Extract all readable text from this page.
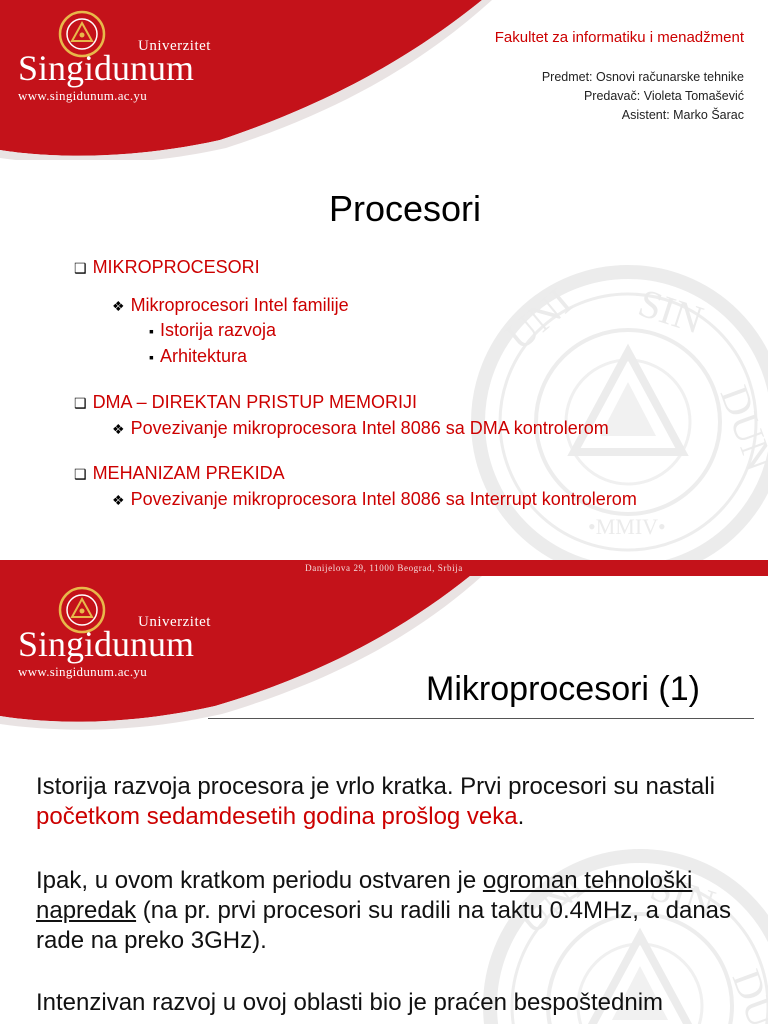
Univerzitet
Singidunum
www.singidunum.ac.yu
Fakultet za informatiku i menadžment
Predmet: Osnovi računarske tehnike
Predavač: Violeta Tomašević
Asistent: Marko Šarac
Procesori
❑ MIKROPROCESORI
❖ Mikroprocesori Intel familije
▪ Istorija razvoja
▪ Arhitektura
❑ DMA – DIREKTAN PRISTUP MEMORIJI
❖ Povezivanje mikroprocesora Intel 8086 sa DMA kontrolerom
❑ MEHANIZAM PREKIDA
❖ Povezivanje mikroprocesora Intel 8086 sa Interrupt kontrolerom
Danijelova 29, 11000 Beograd, Srbija
Univerzitet
Singidunum
www.singidunum.ac.yu	Mikroprocesori (1)
Istorija razvoja procesora je vrlo kratka. Prvi procesori su nastali početkom sedamdesetih godina prošlog veka.
Ipak, u ovom kratkom periodu ostvaren je ogroman tehnološki napredak (na pr. prvi procesori su radili na taktu 0.4MHz, a danas rade na preko 3GHz).
Intenzivan razvoj u ovoj oblasti bio je praćen bespoštednim
